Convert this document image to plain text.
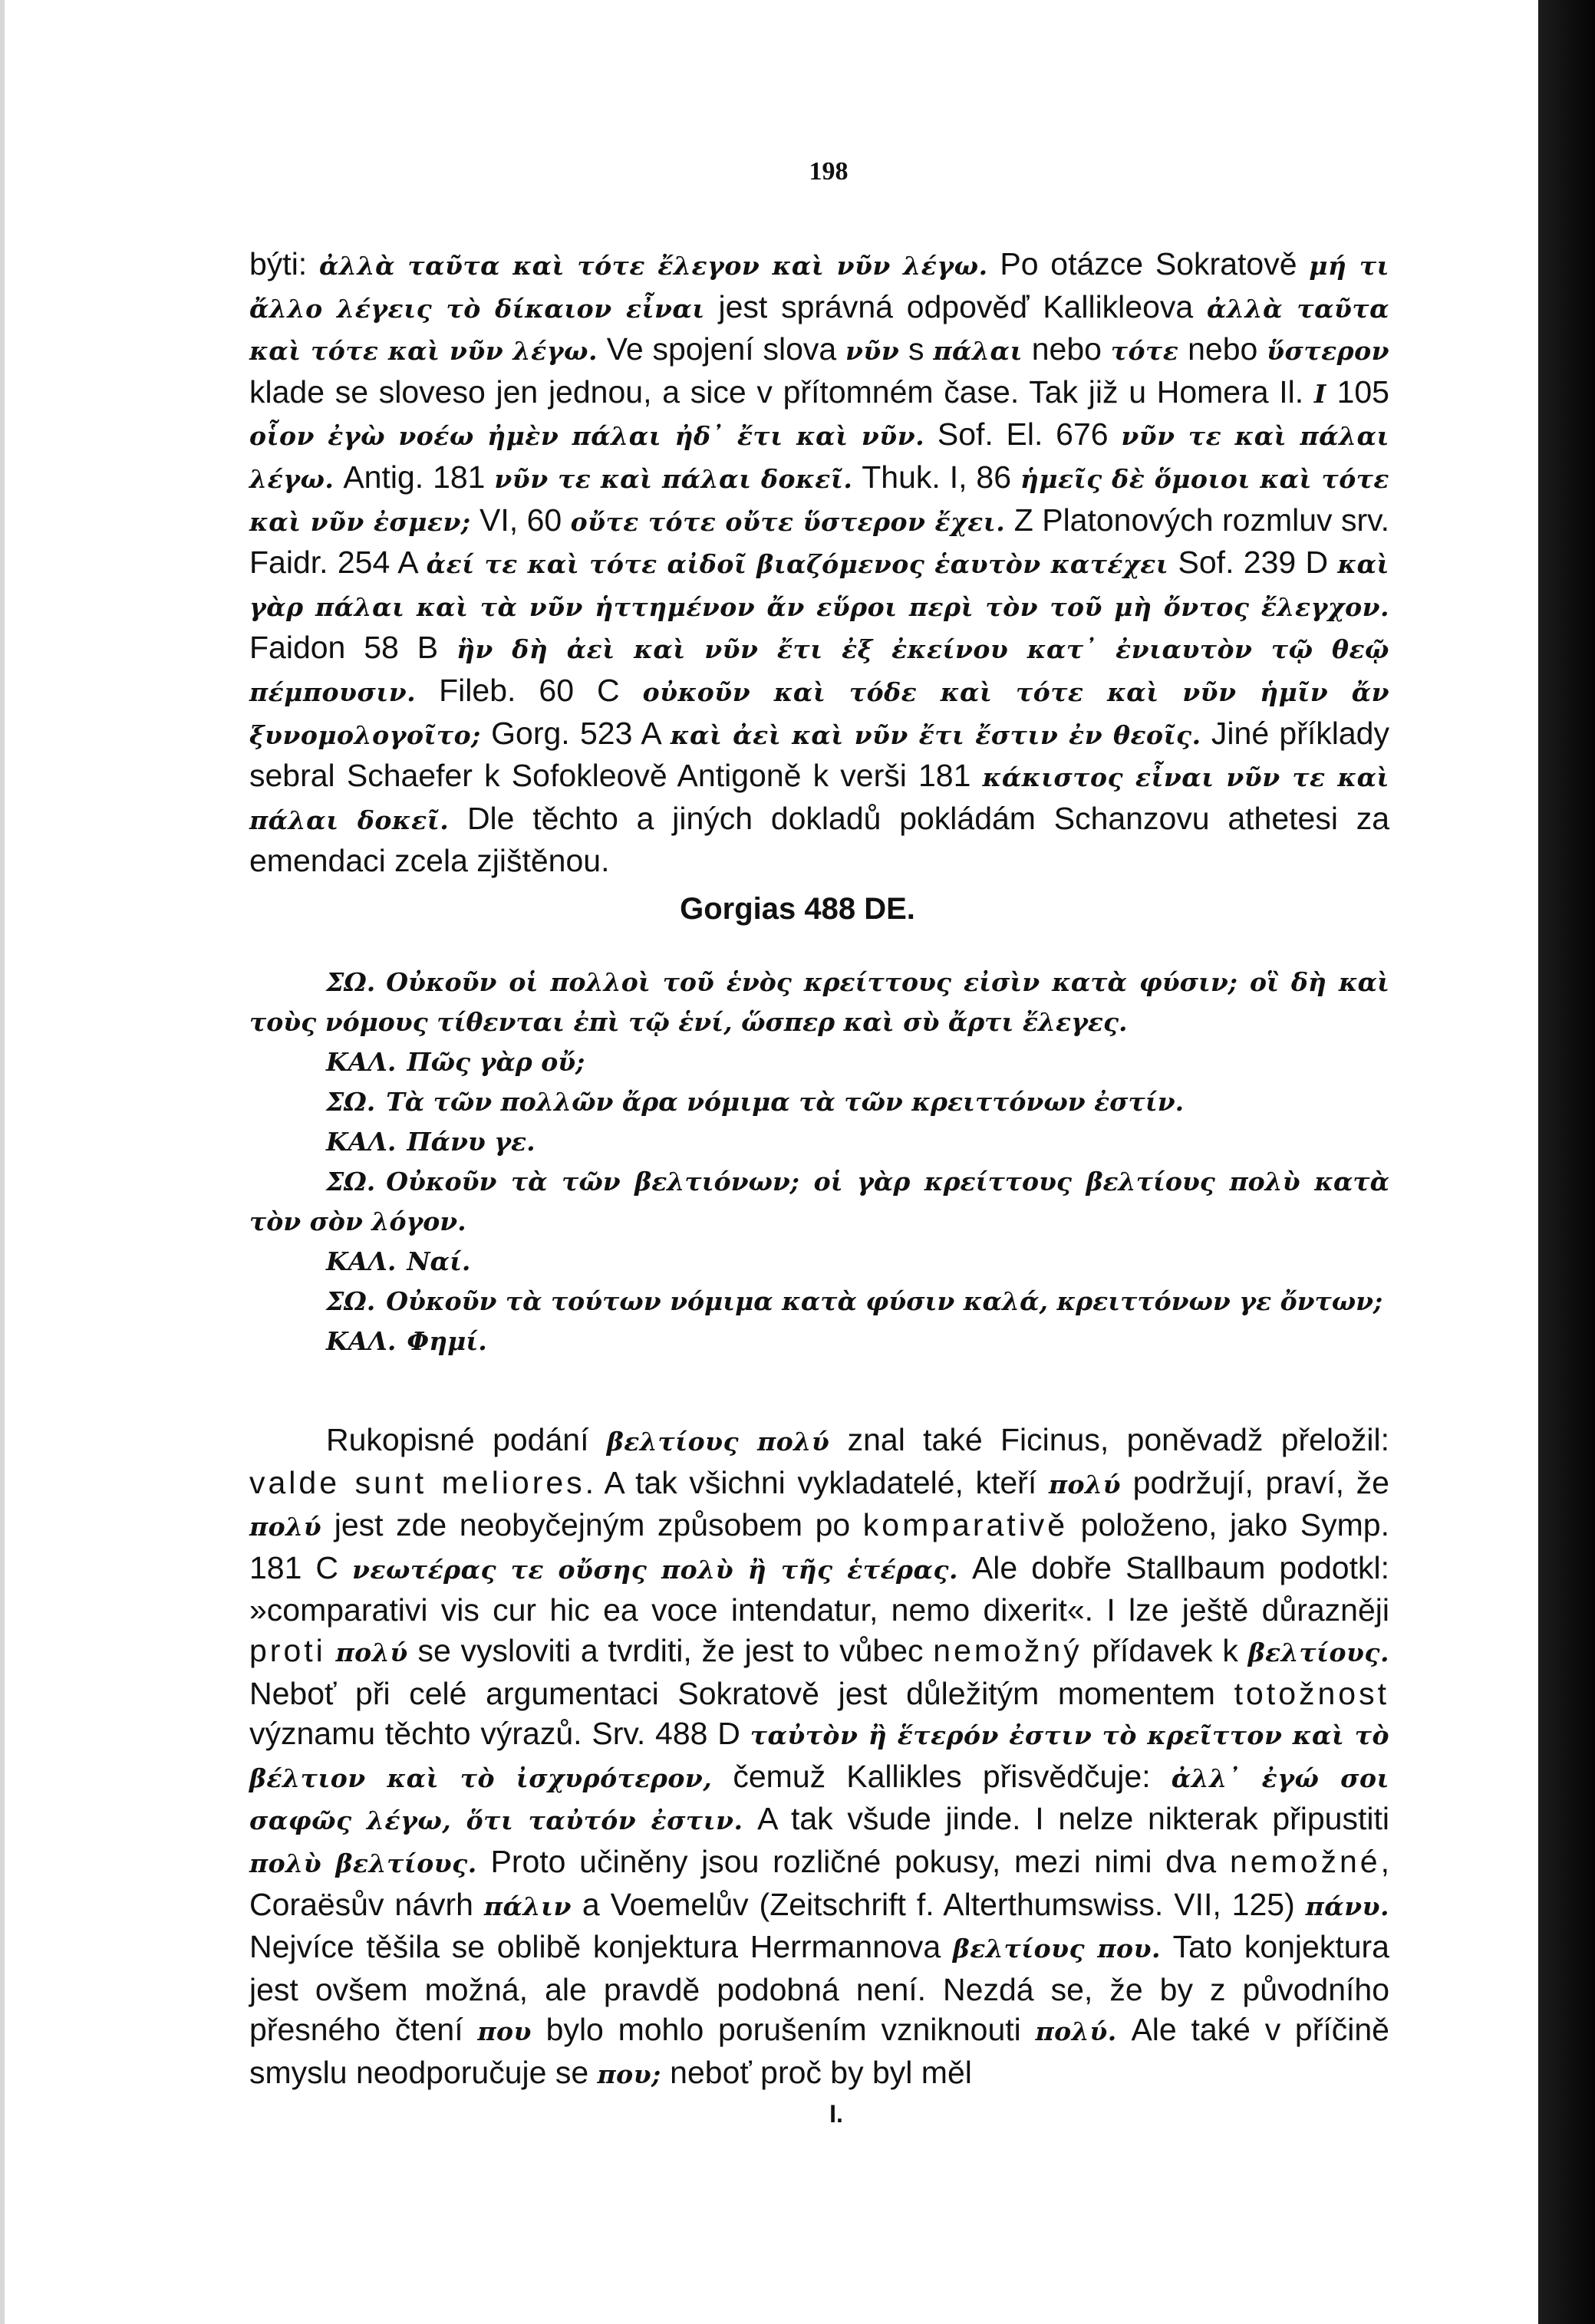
198

býti: ἀλλὰ ταῦτα καὶ τότε ἔλεγον καὶ νῦν λέγω. Po otázce Sokratově μή τι ἄλλο λέγεις τὸ δίκαιον εἶναι jest správná odpověď Kallikleova ἀλλὰ ταῦτα καὶ τότε καὶ νῦν λέγω. Ve spojení slova νῦν s πάλαι nebo τότε nebo ὕστερον klade se sloveso jen jednou, a sice v přítomném čase. Tak již u Homera Il. I 105 οἷον ἐγὼ νοέω ἠμὲν πάλαι ἠδ᾽ ἔτι καὶ νῦν. Sof. El. 676 νῦν τε καὶ πάλαι λέγω. Antig. 181 νῦν τε καὶ πάλαι δοκεῖ. Thuk. I, 86 ἡμεῖς δὲ ὅμοιοι καὶ τότε καὶ νῦν ἐσμεν; VI, 60 οὔτε τότε οὔτε ὕστερον ἔχει. Z Platonových rozmluv srv. Faidr. 254 A ἀεί τε καὶ τότε αἰδοῖ βιαζόμενος ἑαυτὸν κατέχει Sof. 239 D καὶ γὰρ πάλαι καὶ τὰ νῦν ἡττημένον ἄν εὕροι περὶ τὸν τοῦ μὴ ὄντος ἔλεγχον. Faidon 58 B ἣν δὴ ἀεὶ καὶ νῦν ἔτι ἐξ ἐκείνου κατ᾽ ἐνιαυτὸν τῷ θεῷ πέμπουσιν. Fileb. 60 C οὐκοῦν καὶ τόδε καὶ τότε καὶ νῦν ἡμῖν ἄν ξυνομολογοῖτο; Gorg. 523 A καὶ ἀεὶ καὶ νῦν ἔτι ἔστιν ἐν θεοῖς. Jiné příklady sebral Schaefer k Sofokleově Antigoně k verši 181 κάκιστος εἶναι νῦν τε καὶ πάλαι δοκεῖ. Dle těchto a jiných dokladů pokládám Schanzovu athetesi za emendaci zcela zjištěnou.

Gorgias 488 DE.
ΣΩ. Οὐκοῦν οἱ πολλοὶ τοῦ ἑνὸς κρείττους εἰσὶν κατὰ φύσιν; οἳ δὴ καὶ τοὺς νόμους τίθενται ἐπὶ τῷ ἑνί, ὥσπερ καὶ σὺ ἄρτι ἔλεγες.
ΚΑΛ. Πῶς γὰρ οὔ;
ΣΩ. Τὰ τῶν πολλῶν ἄρα νόμιμα τὰ τῶν κρειττόνων ἐστίν.
ΚΑΛ. Πάνυ γε.
ΣΩ. Οὐκοῦν τὰ τῶν βελτιόνων; οἱ γὰρ κρείττους βελτίους πολὺ κατὰ τὸν σὸν λόγον.
ΚΑΛ. Ναί.
ΣΩ. Οὐκοῦν τὰ τούτων νόμιμα κατὰ φύσιν καλά, κρειττόνων γε ὄντων;
ΚΑΛ. Φημί.

Rukopisné podání βελτίους πολύ znal také Ficinus, poněvadž přeložil: valde sunt meliores. A tak všichni vykladatelé, kteří πολύ podržují, praví, že πολύ jest zde neobyčejným způsobem po komparativě položeno, jako Symp. 181 C νεωτέρας τε οὔσης πολὺ ἢ τῆς ἑτέρας. Ale dobře Stallbaum podotkl: »comparativi vis cur hic ea voce intendatur, nemo dixerit«. I lze ještě důrazněji proti πολύ se vysloviti a tvrditi, že jest to vůbec nemožný přídavek k βελτίους. Neboť při celé argumentaci Sokratově jest důležitým momentem totožnost významu těchto výrazů. Srv. 488 D ταὐτὸν ἢ ἕτερόν ἐστιν τὸ κρεῖττον καὶ τὸ βέλτιον καὶ τὸ ἰσχυρότερον, čemuž Kallikles přisvědčuje: ἀλλ᾽ ἐγώ σοι σαφῶς λέγω, ὅτι ταὐτόν ἐστιν. A tak všude jinde. I nelze nikterak připustiti πολὺ βελτίους. Proto učiněny jsou rozličné pokusy, mezi nimi dva nemožné, Coraësův návrh πάλιν a Voemelův (Zeitschrift f. Alterthumswiss. VII, 125) πάνυ. Nejvíce těšila se oblibě konjektura Herrmannova βελτίους που. Tato konjektura jest ovšem možná, ale pravdě podobná není. Nezdá se, že by z původního přesného čtení που bylo mohlo porušením vzniknouti πολύ. Ale také v příčině smyslu neodporučuje se που; neboť proč by byl měl

I.
